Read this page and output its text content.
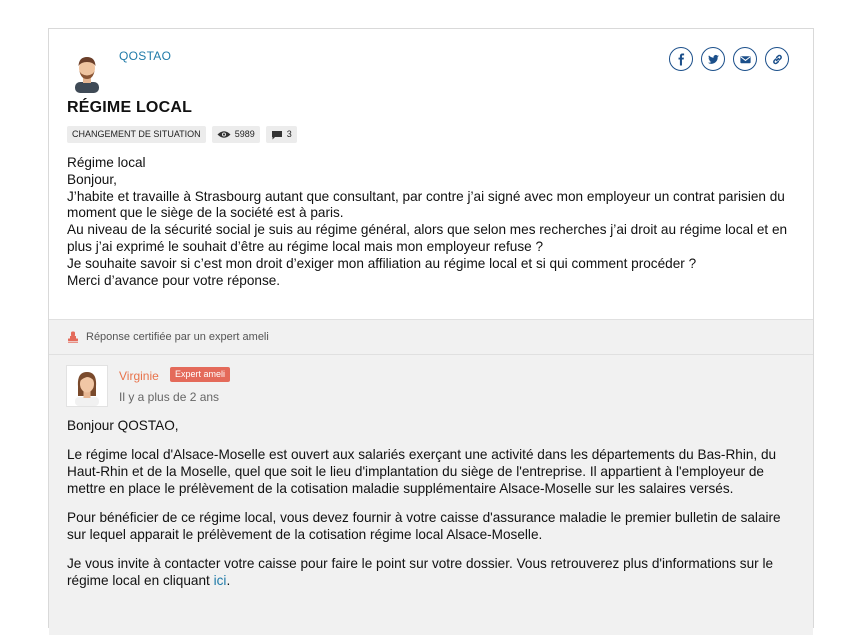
QOSTAO
RÉGIME LOCAL
CHANGEMENT DE SITUATION	5989	3
Régime local
Bonjour,
J’habite et travaille à Strasbourg autant que consultant, par contre j’ai signé avec mon employeur un contrat parisien du moment que le siège de la société est à paris.
Au niveau de la sécurité social je suis au régime général, alors que selon mes recherches j’ai droit au régime local et en plus j’ai exprimé le souhait d’être au régime local mais mon employeur refuse ?
Je souhaite savoir si c’est mon droit d’exiger mon affiliation au régime local et si qui comment procéder ?
Merci d’avance pour votre réponse.
Réponse certifiée par un expert ameli
Virginie	Expert ameli
Il y a plus de 2 ans

Bonjour QOSTAO,

Le régime local d'Alsace-Moselle est ouvert aux salariés exerçant une activité dans les départements du Bas-Rhin, du Haut-Rhin et de la Moselle, quel que soit le lieu d'implantation du siège de l'entreprise. Il appartient à l'employeur de mettre en place le prélèvement de la cotisation maladie supplémentaire Alsace-Moselle sur les salaires versés.

Pour bénéficier de ce régime local, vous devez fournir à votre caisse d'assurance maladie le premier bulletin de salaire sur lequel apparait le prélèvement de la cotisation régime local Alsace-Moselle.

Je vous invite à contacter votre caisse pour faire le point sur votre dossier. Vous retrouverez plus d'informations sur le régime local en cliquant ici.
